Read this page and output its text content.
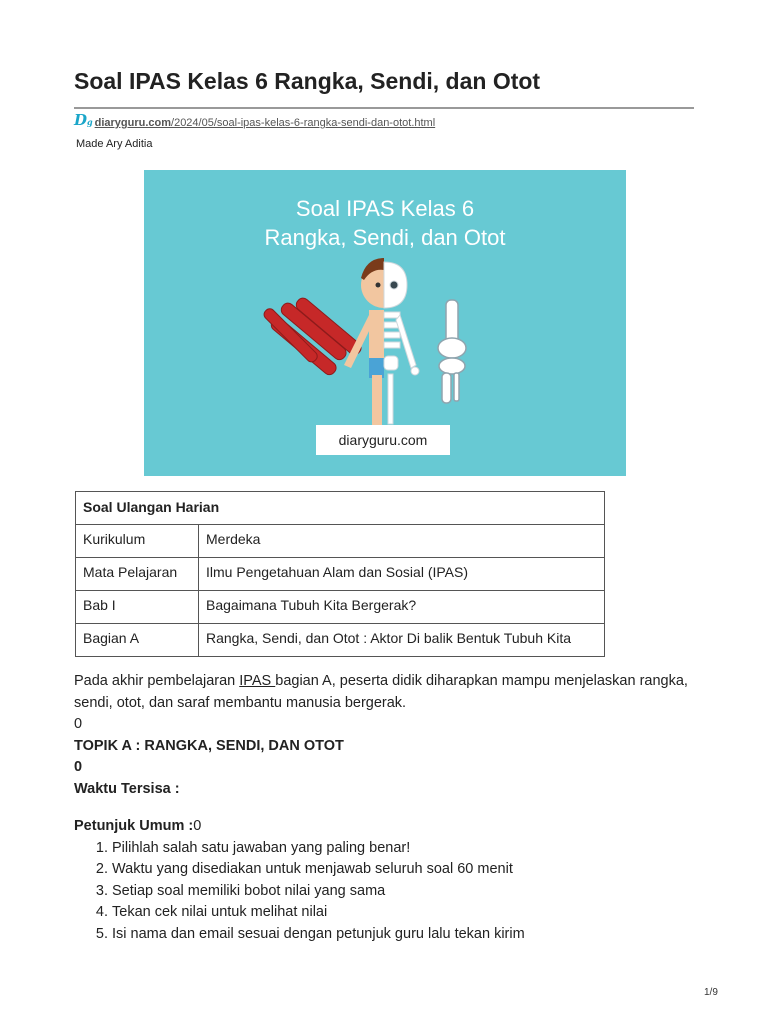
Soal IPAS Kelas 6 Rangka, Sendi, dan Otot
Dg diaryguru.com/2024/05/soal-ipas-kelas-6-rangka-sendi-dan-otot.html
Made Ary Aditia
Soal IPAS Kelas 6
Rangka, Sendi, dan Otot
diaryguru.com
Soal Ulangan Harian	
Kurikulum	Merdeka
Mata Pelajaran	Ilmu Pengetahuan Alam dan Sosial (IPAS)
Bab I	Bagaimana Tubuh Kita Bergerak?
Bagian A	Rangka, Sendi, dan Otot : Aktor Di balik Bentuk Tubuh Kita

Pada akhir pembelajaran IPAS bagian A, peserta didik diharapkan mampu menjelaskan rangka, sendi, otot, dan saraf membantu manusia bergerak.

0

TOPIK A : RANGKA, SENDI, DAN OTOT

0

Waktu Tersisa :

Petunjuk Umum :0

1. Pilihlah salah satu jawaban yang paling benar!
2. Waktu yang disediakan untuk menjawab seluruh soal 60 menit
3. Setiap soal memiliki bobot nilai yang sama
4. Tekan cek nilai untuk melihat nilai
5. Isi nama dan email sesuai dengan petunjuk guru lalu tekan kirim
1/9
